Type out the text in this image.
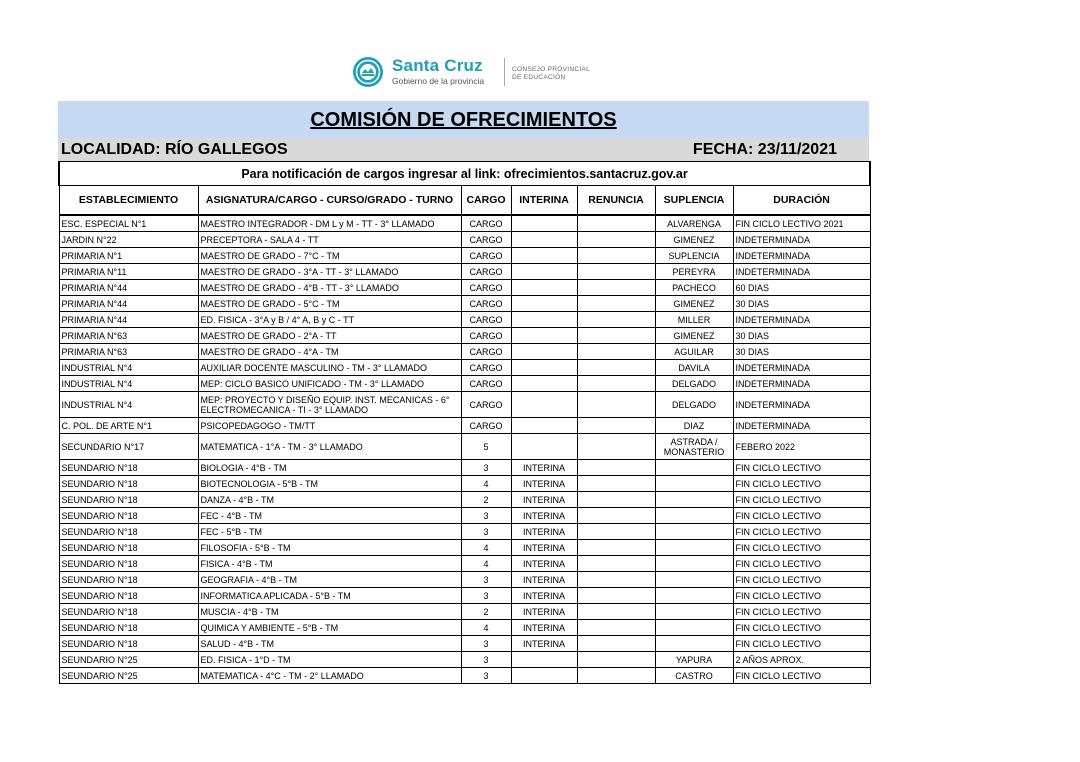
Santa Cruz
Gobierno de la provincia
CONSEJO PROVINCIAL
DE EDUCACIÓN
COMISIÓN DE OFRECIMIENTOS
LOCALIDAD: RÍO GALLEGOS	FECHA: 23/11/2021
Para notificación de cargos ingresar al link: ofrecimientos.santacruz.gov.ar						
ESTABLECIMIENTO	ASIGNATURA/CARGO - CURSO/GRADO - TURNO	CARGO	INTERINA	RENUNCIA	SUPLENCIA	DURACIÓN
ESC. ESPECIAL N°1	MAESTRO INTEGRADOR - DM L y M - TT - 3° LLAMADO	CARGO			ALVARENGA	FIN CICLO LECTIVO 2021
JARDIN N°22	PRECEPTORA - SALA 4 - TT	CARGO			GIMENEZ	INDETERMINADA
PRIMARIA N°1	MAESTRO DE GRADO - 7°C - TM	CARGO			SUPLENCIA	INDETERMINADA
PRIMARIA N°11	MAESTRO DE GRADO - 3°A - TT - 3° LLAMADO	CARGO			PEREYRA	INDETERMINADA
PRIMARIA N°44	MAESTRO DE GRADO - 4°B - TT - 3° LLAMADO	CARGO			PACHECO	60 DIAS
PRIMARIA N°44	MAESTRO DE GRADO - 5°C - TM	CARGO			GIMENEZ	30 DIAS
PRIMARIA N°44	ED. FISICA - 3°A y B / 4° A, B y C - TT	CARGO			MILLER	INDETERMINADA
PRIMARIA N°63	MAESTRO DE GRADO - 2°A - TT	CARGO			GIMENEZ	30 DIAS
PRIMARIA N°63	MAESTRO DE GRADO - 4°A - TM	CARGO			AGUILAR	30 DIAS
INDUSTRIAL N°4	AUXILIAR DOCENTE MASCULINO - TM - 3° LLAMADO	CARGO			DAVILA	INDETERMINADA
INDUSTRIAL N°4	MEP: CICLO BASICO UNIFICADO - TM - 3° LLAMADO	CARGO			DELGADO	INDETERMINADA
INDUSTRIAL N°4	MEP: PROYECTO Y DISEÑO EQUIP. INST. MECANICAS - 6° ELECTROMECANICA - TI - 3° LLAMADO	CARGO			DELGADO	INDETERMINADA
C. POL. DE ARTE N°1	PSICOPEDAGOGO - TM/TT	CARGO			DIAZ	INDETERMINADA
SECUNDARIO N°17	MATEMATICA - 1°A - TM - 3° LLAMADO	5			ASTRADA / MONASTERIO	FEBERO 2022
SEUNDARIO N°18	BIOLOGIA - 4°B - TM	3	INTERINA			FIN CICLO LECTIVO
SEUNDARIO N°18	BIOTECNOLOGIA - 5°B - TM	4	INTERINA			FIN CICLO LECTIVO
SEUNDARIO N°18	DANZA - 4°B - TM	2	INTERINA			FIN CICLO LECTIVO
SEUNDARIO N°18	FEC - 4°B - TM	3	INTERINA			FIN CICLO LECTIVO
SEUNDARIO N°18	FEC - 5°B - TM	3	INTERINA			FIN CICLO LECTIVO
SEUNDARIO N°18	FILOSOFIA - 5°B - TM	4	INTERINA			FIN CICLO LECTIVO
SEUNDARIO N°18	FISICA - 4°B - TM	4	INTERINA			FIN CICLO LECTIVO
SEUNDARIO N°18	GEOGRAFIA - 4°B - TM	3	INTERINA			FIN CICLO LECTIVO
SEUNDARIO N°18	INFORMATICA APLICADA - 5°B - TM	3	INTERINA			FIN CICLO LECTIVO
SEUNDARIO N°18	MUSCIA - 4°B - TM	2	INTERINA			FIN CICLO LECTIVO
SEUNDARIO N°18	QUIMICA Y AMBIENTE - 5°B - TM	4	INTERINA			FIN CICLO LECTIVO
SEUNDARIO N°18	SALUD - 4°B - TM	3	INTERINA			FIN CICLO LECTIVO
SEUNDARIO N°25	ED. FISICA - 1°D - TM	3			YAPURA	2 AÑOS APROX.
SEUNDARIO N°25	MATEMATICA - 4°C - TM - 2° LLAMADO	3			CASTRO	FIN CICLO LECTIVO
